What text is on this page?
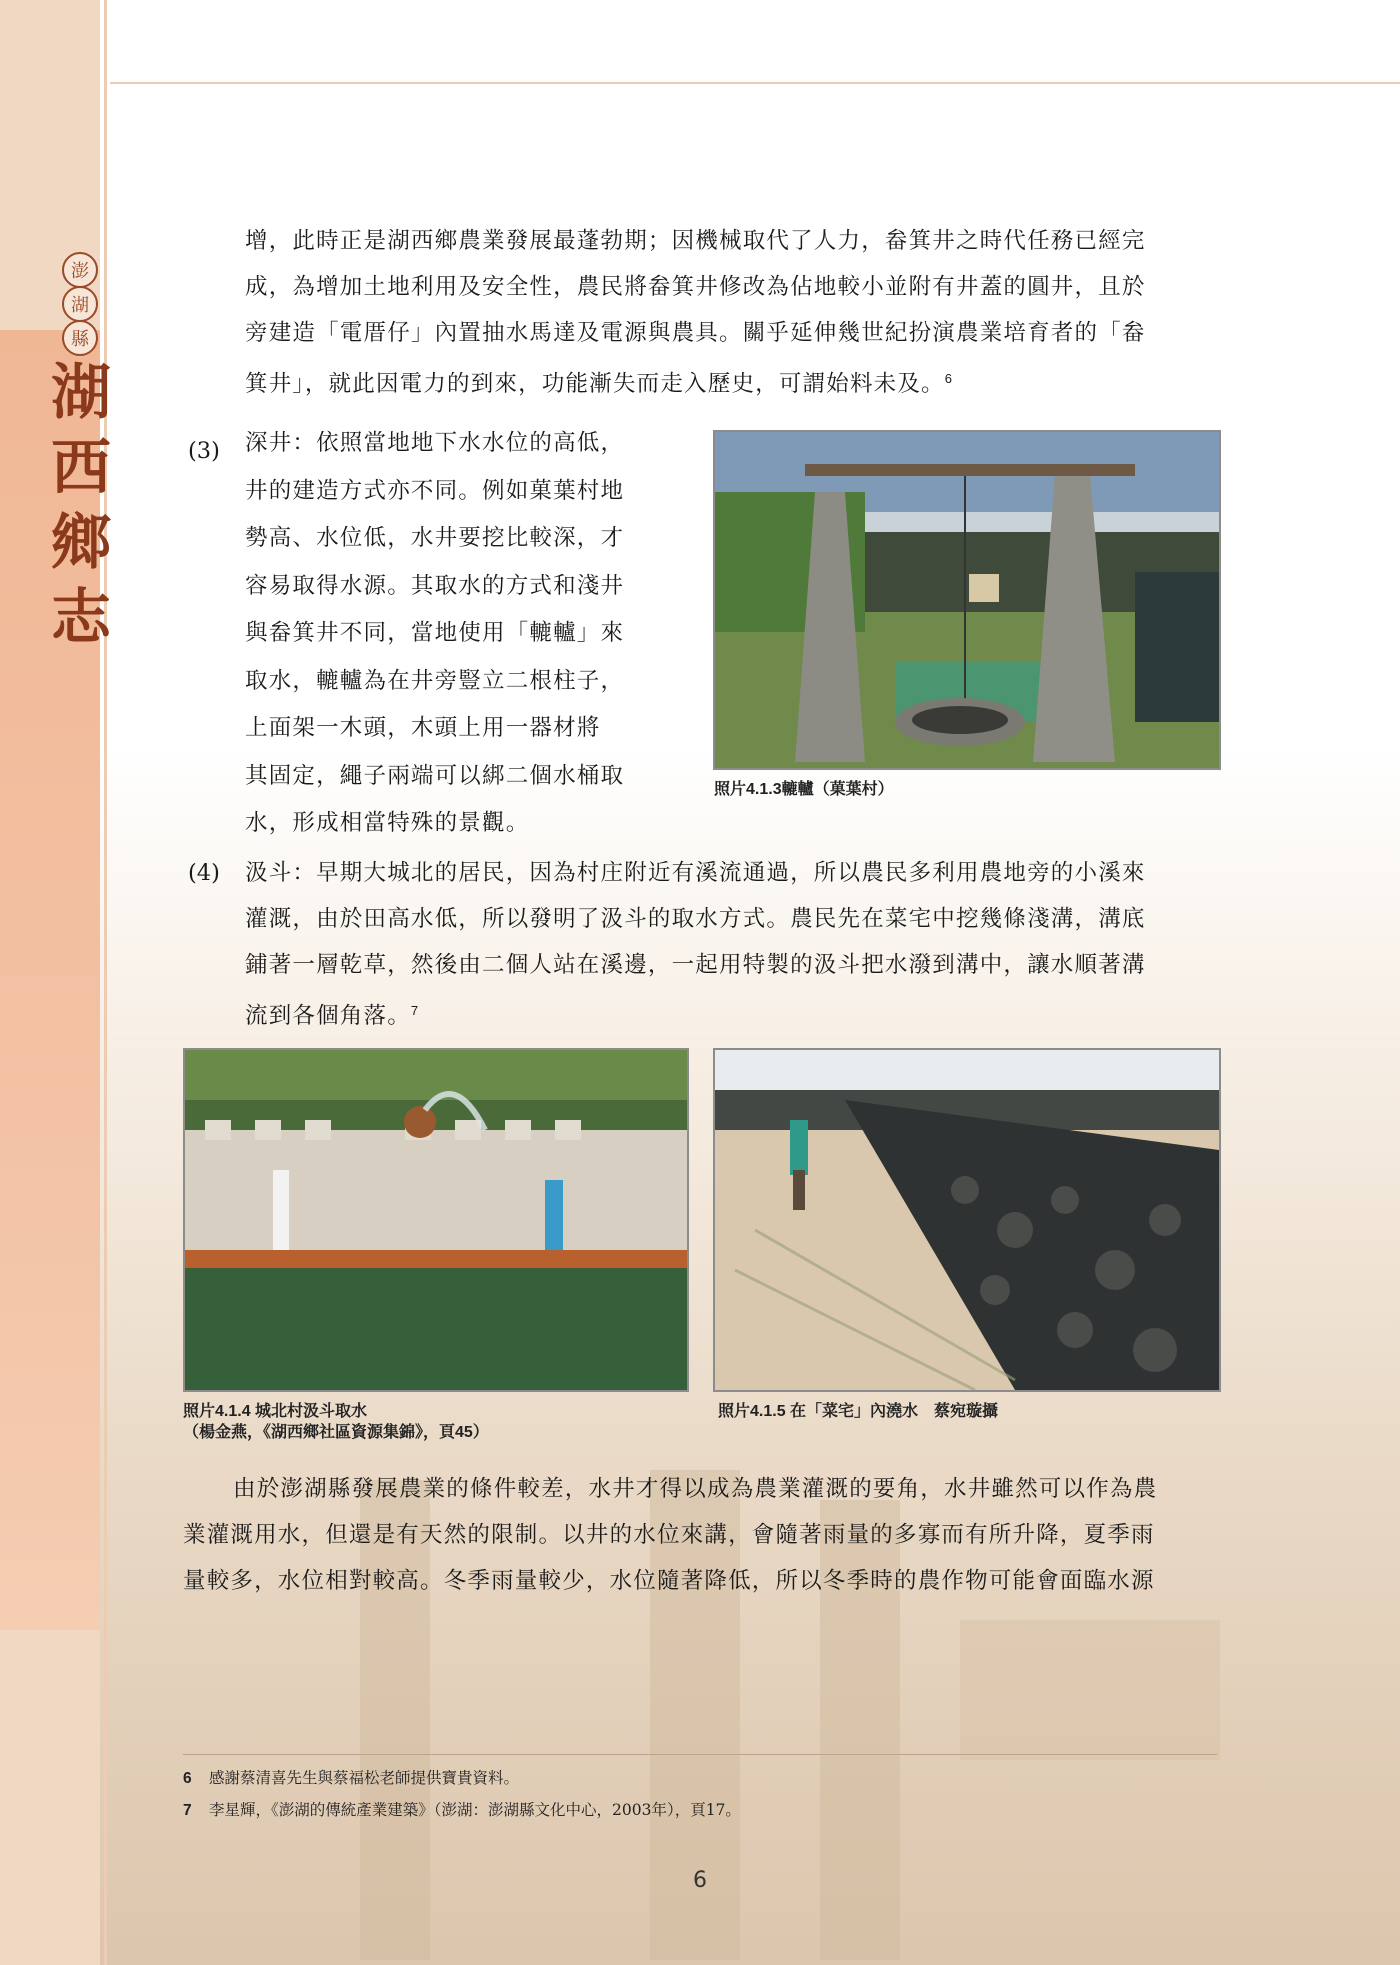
澎
湖
縣
湖
西
鄉
志
增，此時正是湖西鄉農業發展最蓬勃期；因機械取代了人力，畚箕井之時代任務已經完
成，為增加土地利用及安全性，農民將畚箕井修改為佔地較小並附有井蓋的圓井，且於
旁建造「電厝仔」內置抽水馬達及電源與農具。關乎延伸幾世紀扮演農業培育者的「畚
箕井」，就此因電力的到來，功能漸失而走入歷史，可謂始料未及。$^6$
(3) 深井：依照當地地下水水位的高低，
井的建造方式亦不同。例如菓葉村地
勢高、水位低，水井要挖比較深，才
容易取得水源。其取水的方式和淺井
與畚箕井不同，當地使用「轆轤」來
取水，轆轤為在井旁豎立二根柱子，
上面架一木頭，木頭上用一器材將
其固定，繩子兩端可以綁二個水桶取
水，形成相當特殊的景觀。
照片4.1.3轆轤（菓葉村）
(4) 汲斗：早期大城北的居民，因為村庄附近有溪流通過，所以農民多利用農地旁的小溪來
灌溉，由於田高水低，所以發明了汲斗的取水方式。農民先在菜宅中挖幾條淺溝，溝底
鋪著一層乾草，然後由二個人站在溪邊，一起用特製的汲斗把水潑到溝中，讓水順著溝
流到各個角落。$^7$
照片4.1.4 城北村汲斗取水
（楊金燕，《湖西鄉社區資源集錦》，頁45）
照片4.1.5 在「菜宅」內澆水　蔡宛璇攝
由於澎湖縣發展農業的條件較差，水井才得以成為農業灌溉的要角，水井雖然可以作為農
業灌溉用水，但還是有天然的限制。以井的水位來講，會隨著雨量的多寡而有所升降，夏季雨
量較多，水位相對較高。冬季雨量較少，水位隨著降低，所以冬季時的農作物可能會面臨水源
6 感謝蔡清喜先生與蔡福松老師提供寶貴資料。
7 李星輝，《澎湖的傳統產業建築》（澎湖：澎湖縣文化中心，2003年），頁17。
6
